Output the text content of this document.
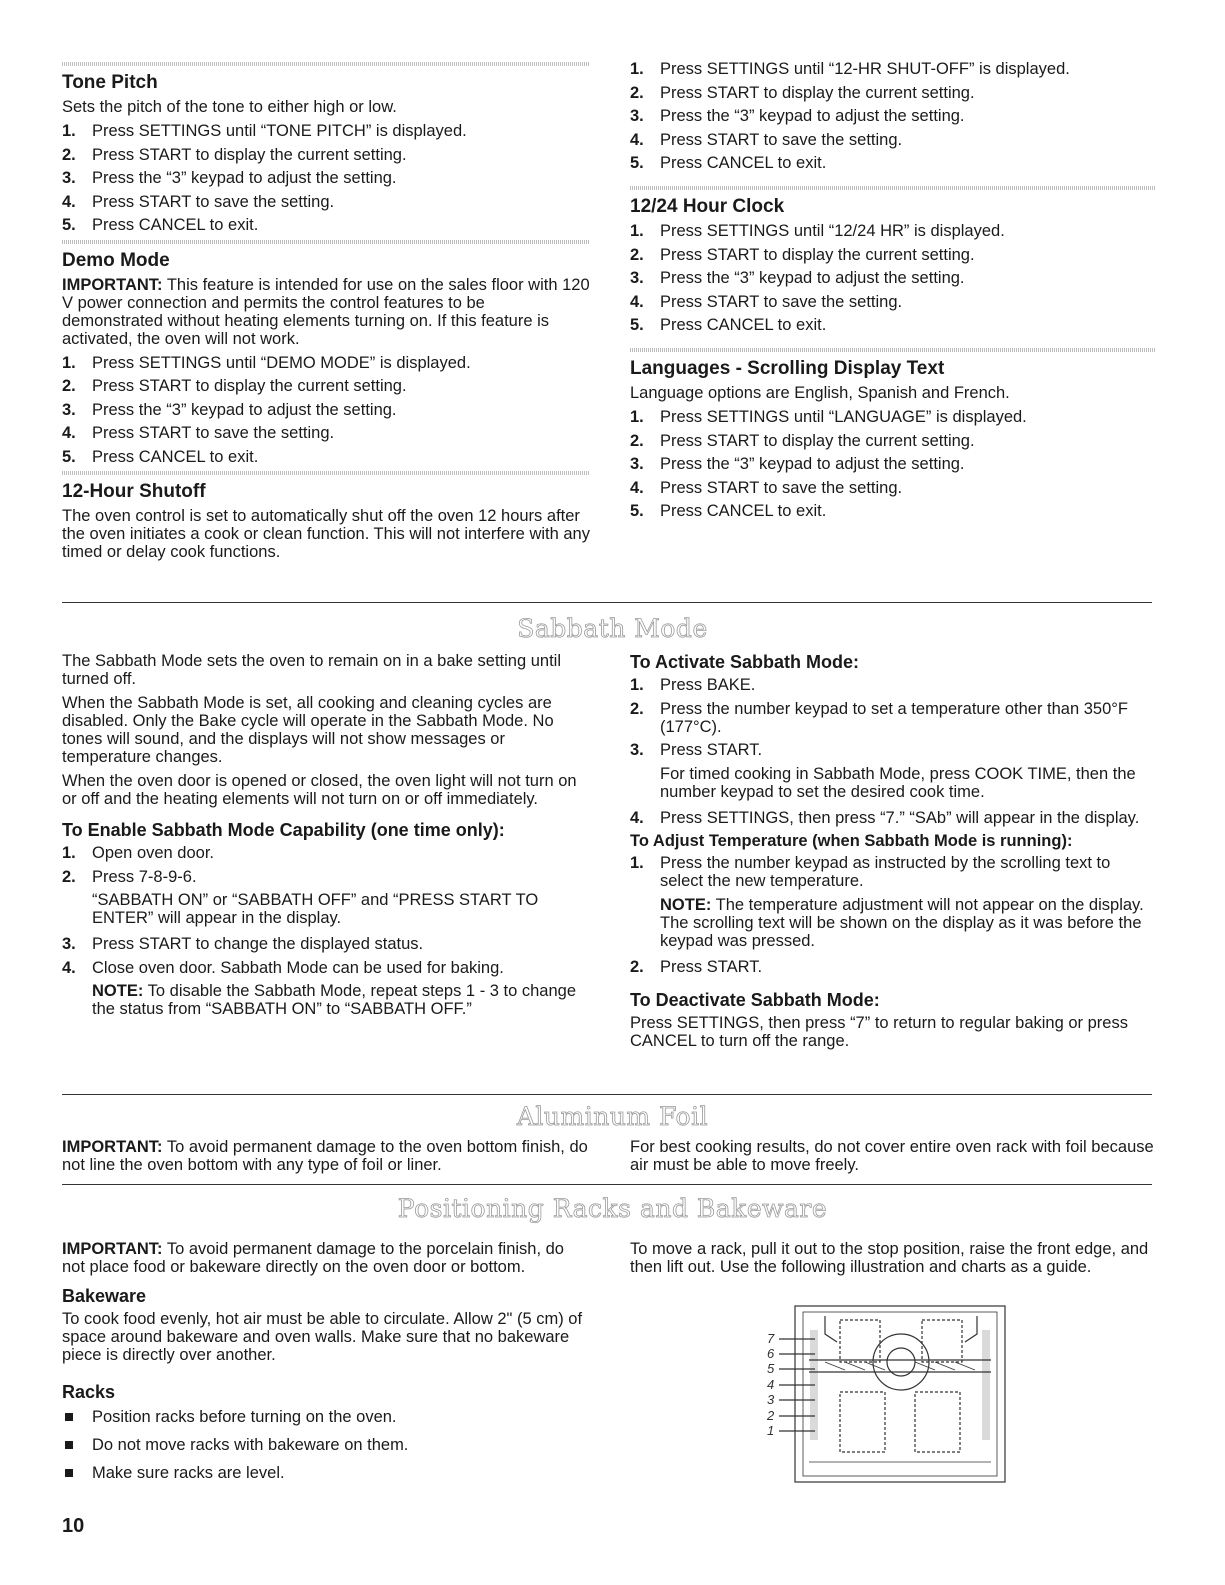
Tone Pitch

Sets the pitch of the tone to either high or low.

1. Press SETTINGS until “TONE PITCH” is displayed.
2. Press START to display the current setting.
3. Press the “3” keypad to adjust the setting.
4. Press START to save the setting.
5. Press CANCEL to exit.
Demo Mode

IMPORTANT: This feature is intended for use on the sales floor with 120 V power connection and permits the control features to be demonstrated without heating elements turning on. If this feature is activated, the oven will not work.

1. Press SETTINGS until “DEMO MODE” is displayed.
2. Press START to display the current setting.
3. Press the “3” keypad to adjust the setting.
4. Press START to save the setting.
5. Press CANCEL to exit.
12-Hour Shutoff

The oven control is set to automatically shut off the oven 12 hours after the oven initiates a cook or clean function. This will not interfere with any timed or delay cook functions.

1. Press SETTINGS until “12-HR SHUT-OFF” is displayed.
2. Press START to display the current setting.
3. Press the “3” keypad to adjust the setting.
4. Press START to save the setting.
5. Press CANCEL to exit.
12/24 Hour Clock
1. Press SETTINGS until “12/24 HR” is displayed.
2. Press START to display the current setting.
3. Press the “3” keypad to adjust the setting.
4. Press START to save the setting.
5. Press CANCEL to exit.
Languages - Scrolling Display Text

Language options are English, Spanish and French.

1. Press SETTINGS until “LANGUAGE” is displayed.
2. Press START to display the current setting.
3. Press the “3” keypad to adjust the setting.
4. Press START to save the setting.
5. Press CANCEL to exit.
Sabbath Mode

The Sabbath Mode sets the oven to remain on in a bake setting until turned off.

When the Sabbath Mode is set, all cooking and cleaning cycles are disabled. Only the Bake cycle will operate in the Sabbath Mode. No tones will sound, and the displays will not show messages or temperature changes.

When the oven door is opened or closed, the oven light will not turn on or off and the heating elements will not turn on or off immediately.

To Enable Sabbath Mode Capability (one time only):
1. Open oven door.
2. Press 7-8-9-6.

“SABBATH ON” or “SABBATH OFF” and “PRESS START TO ENTER” will appear in the display.

3. Press START to change the displayed status.
4. Close oven door. Sabbath Mode can be used for baking.

NOTE: To disable the Sabbath Mode, repeat steps 1 - 3 to change the status from “SABBATH ON” to “SABBATH OFF.”

To Activate Sabbath Mode:
1. Press BAKE.
2. Press the number keypad to set a temperature other than 350°F (177°C).
3. Press START.

For timed cooking in Sabbath Mode, press COOK TIME, then the number keypad to set the desired cook time.

4. Press SETTINGS, then press “7.” “SAb” will appear in the display.
To Adjust Temperature (when Sabbath Mode is running):
1. Press the number keypad as instructed by the scrolling text to select the new temperature.

NOTE: The temperature adjustment will not appear on the display. The scrolling text will be shown on the display as it was before the keypad was pressed.

2. Press START.
To Deactivate Sabbath Mode:

Press SETTINGS, then press “7” to return to regular baking or press CANCEL to turn off the range.

Aluminum Foil

IMPORTANT: To avoid permanent damage to the oven bottom finish, do not line the oven bottom with any type of foil or liner.

For best cooking results, do not cover entire oven rack with foil because air must be able to move freely.

Positioning Racks and Bakeware

IMPORTANT: To avoid permanent damage to the porcelain finish, do not place food or bakeware directly on the oven door or bottom.

Bakeware

To cook food evenly, hot air must be able to circulate. Allow 2" (5 cm) of space around bakeware and oven walls. Make sure that no bakeware piece is directly over another.

Racks
Position racks before turning on the oven.
Do not move racks with bakeware on them.
Make sure racks are level.

To move a rack, pull it out to the stop position, raise the front edge, and then lift out. Use the following illustration and charts as a guide.

7
6
5
4
3
2
1
10
